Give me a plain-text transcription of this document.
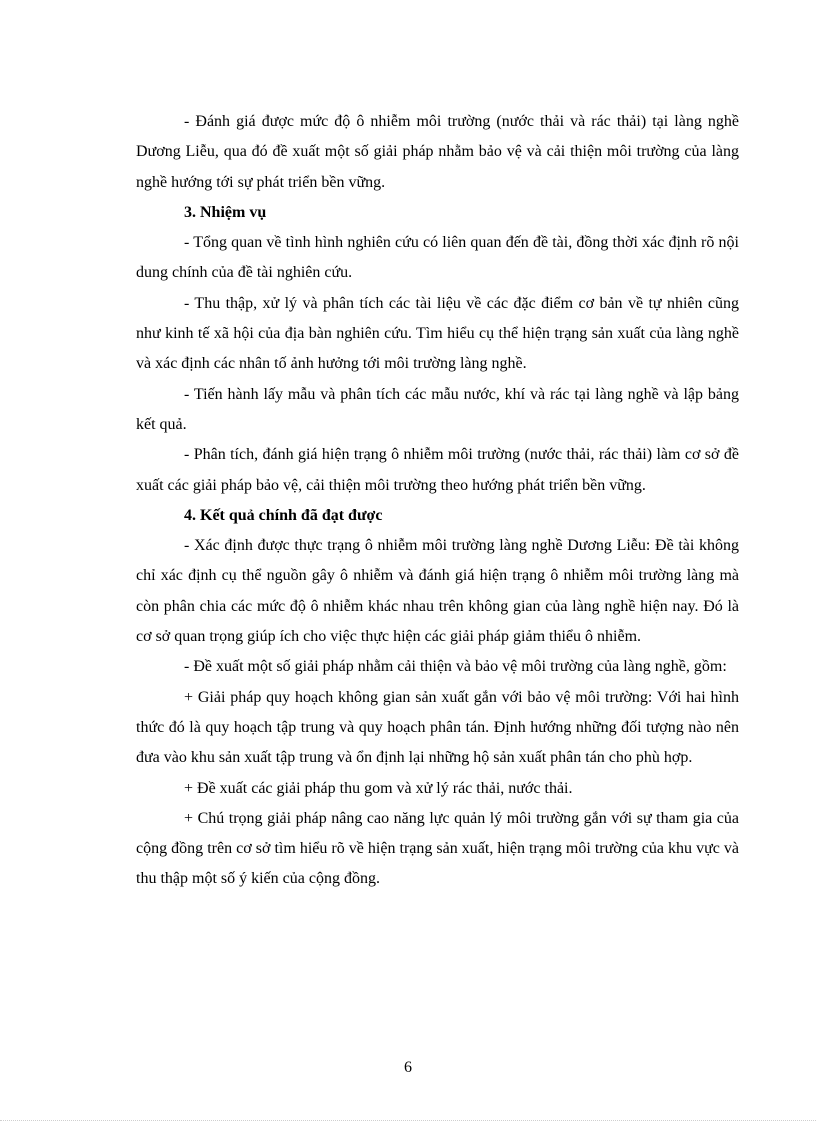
- Đánh giá được mức độ ô nhiễm môi trường (nước thải và rác thải) tại làng nghề Dương Liễu, qua đó đề xuất một số giải pháp nhằm bảo vệ và cải thiện môi trường của làng nghề hướng tới sự phát triển bền vững.

3. Nhiệm vụ

- Tổng quan về tình hình nghiên cứu có liên quan đến đề tài, đồng thời xác định rõ nội dung chính của đề tài nghiên cứu.

- Thu thập, xử lý và phân tích các tài liệu về các đặc điểm cơ bản về tự nhiên cũng như kinh tế xã hội của địa bàn nghiên cứu. Tìm hiểu cụ thể hiện trạng sản xuất của làng nghề và xác định các nhân tố ảnh hưởng tới môi trường làng nghề.

- Tiến hành lấy mẫu và phân tích các mẫu nước, khí và rác tại làng nghề và lập bảng kết quả.

- Phân tích, đánh giá hiện trạng ô nhiễm môi trường (nước thải, rác thải) làm cơ sở đề xuất các giải pháp bảo vệ, cải thiện môi trường theo hướng phát triển bền vững.

4. Kết quả chính đã đạt được

- Xác định được thực trạng ô nhiễm môi trường làng nghề Dương Liễu: Đề tài không chỉ xác định cụ thể nguồn gây ô nhiễm và đánh giá hiện trạng ô nhiễm môi trường làng mà còn phân chia các mức độ ô nhiễm khác nhau trên không gian của làng nghề hiện nay. Đó là cơ sở quan trọng giúp ích cho việc thực hiện các giải pháp giảm thiểu ô nhiễm.

- Đề xuất một số giải pháp nhằm cải thiện và bảo vệ môi trường của làng nghề, gồm:

+ Giải pháp quy hoạch không gian sản xuất gắn với bảo vệ môi trường: Với hai hình thức đó là quy hoạch tập trung và quy hoạch phân tán. Định hướng những đối tượng nào nên đưa vào khu sản xuất tập trung và ổn định lại những hộ sản xuất phân tán cho phù hợp.

+ Đề xuất các giải pháp thu gom và xử lý rác thải, nước thải.

+ Chú trọng giải pháp nâng cao năng lực quản lý môi trường gắn với sự tham gia của cộng đồng trên cơ sở tìm hiểu rõ về hiện trạng sản xuất, hiện trạng môi trường của khu vực và thu thập một số ý kiến của cộng đồng.

6
